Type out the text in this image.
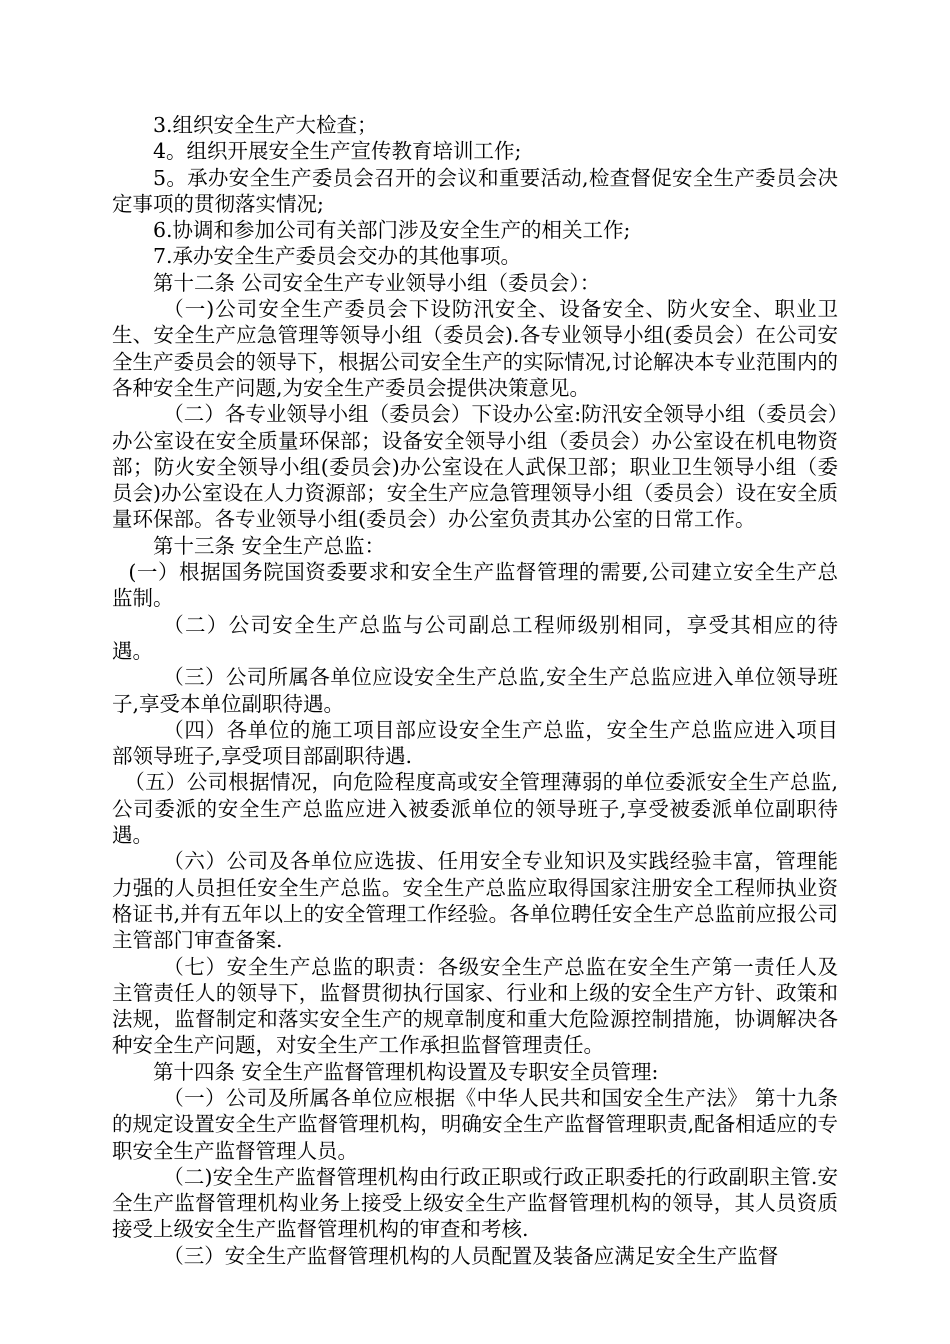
3.组织安全生产大检查；

4。组织开展安全生产宣传教育培训工作;

5。承办安全生产委员会召开的会议和重要活动,检查督促安全生产委员会决定事项的贯彻落实情况;

6.协调和参加公司有关部门涉及安全生产的相关工作;

7.承办安全生产委员会交办的其他事项。

第十二条 公司安全生产专业领导小组（委员会）：

（一)公司安全生产委员会下设防汛安全、设备安全、防火安全、职业卫生、安全生产应急管理等领导小组（委员会).各专业领导小组(委员会）在公司安全生产委员会的领导下，根据公司安全生产的实际情况,讨论解决本专业范围内的各种安全生产问题,为安全生产委员会提供决策意见。

（二）各专业领导小组（委员会）下设办公室:防汛安全领导小组（委员会）办公室设在安全质量环保部；设备安全领导小组（委员会）办公室设在机电物资部；防火安全领导小组(委员会)办公室设在人武保卫部；职业卫生领导小组（委员会)办公室设在人力资源部；安全生产应急管理领导小组（委员会）设在安全质量环保部。各专业领导小组(委员会）办公室负责其办公室的日常工作。

第十三条 安全生产总监：

(一）根据国务院国资委要求和安全生产监督管理的需要,公司建立安全生产总监制。

（二）公司安全生产总监与公司副总工程师级别相同，享受其相应的待遇。

（三）公司所属各单位应设安全生产总监,安全生产总监应进入单位领导班子,享受本单位副职待遇。

（四）各单位的施工项目部应设安全生产总监，安全生产总监应进入项目部领导班子,享受项目部副职待遇.

（五）公司根据情况，向危险程度高或安全管理薄弱的单位委派安全生产总监,公司委派的安全生产总监应进入被委派单位的领导班子,享受被委派单位副职待遇。

（六）公司及各单位应选拔、任用安全专业知识及实践经验丰富，管理能力强的人员担任安全生产总监。安全生产总监应取得国家注册安全工程师执业资格证书,并有五年以上的安全管理工作经验。各单位聘任安全生产总监前应报公司主管部门审查备案.

（七）安全生产总监的职责：各级安全生产总监在安全生产第一责任人及主管责任人的领导下，监督贯彻执行国家、行业和上级的安全生产方针、政策和法规，监督制定和落实安全生产的规章制度和重大危险源控制措施，协调解决各种安全生产问题，对安全生产工作承担监督管理责任。

第十四条 安全生产监督管理机构设置及专职安全员管理:

（一）公司及所属各单位应根据《中华人民共和国安全生产法》 第十九条的规定设置安全生产监督管理机构，明确安全生产监督管理职责,配备相适应的专职安全生产监督管理人员。

（二)安全生产监督管理机构由行政正职或行政正职委托的行政副职主管.安全生产监督管理机构业务上接受上级安全生产监督管理机构的领导，其人员资质接受上级安全生产监督管理机构的审查和考核.

（三）安全生产监督管理机构的人员配置及装备应满足安全生产监督
